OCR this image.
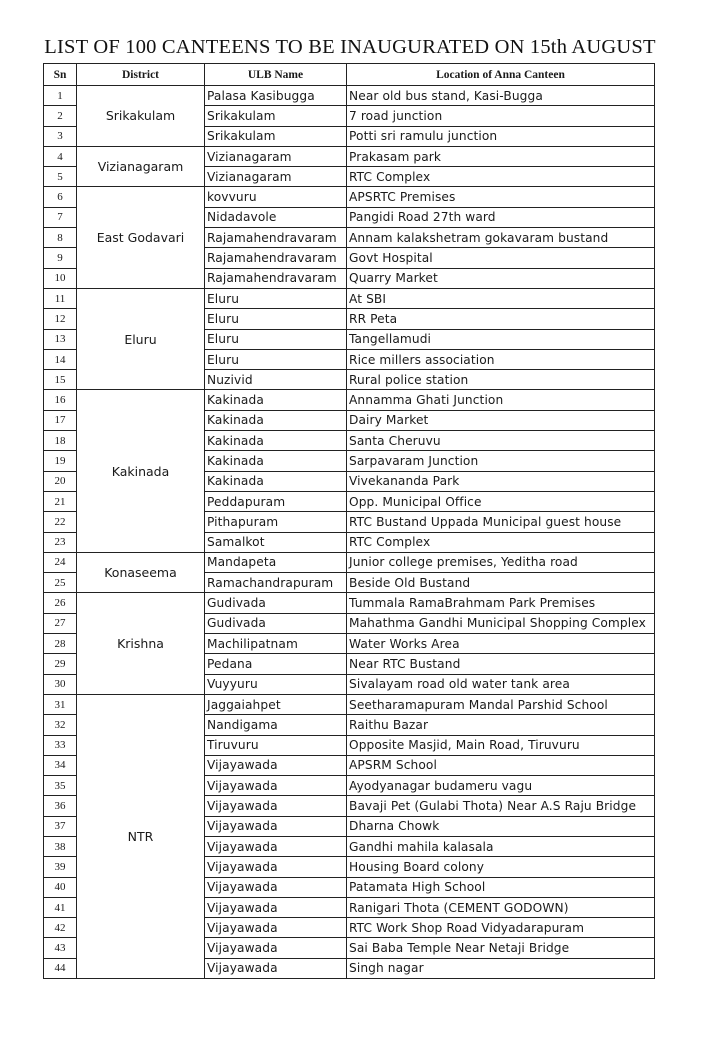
LIST OF 100 CANTEENS TO BE INAUGURATED ON 15th AUGUST
Sn	District	ULB Name	Location of Anna Canteen
1	Srikakulam	Palasa Kasibugga	Near old bus stand, Kasi-Bugga
2		Srikakulam	7 road junction
3		Srikakulam	Potti sri ramulu junction
4	Vizianagaram	Vizianagaram	Prakasam park
5		Vizianagaram	RTC Complex
6	East Godavari	kovvuru	APSRTC Premises
7		Nidadavole	Pangidi Road 27th ward
8		Rajamahendravaram	Annam kalakshetram gokavaram bustand
9		Rajamahendravaram	Govt Hospital
10		Rajamahendravaram	Quarry Market
11	Eluru	Eluru	At SBI
12		Eluru	RR Peta
13		Eluru	Tangellamudi
14		Eluru	Rice millers association
15		Nuzivid	Rural police station
16	Kakinada	Kakinada	Annamma Ghati Junction
17		Kakinada	Dairy Market
18		Kakinada	Santa Cheruvu
19		Kakinada	Sarpavaram Junction
20		Kakinada	Vivekananda Park
21		Peddapuram	Opp. Municipal Office
22		Pithapuram	RTC Bustand Uppada Municipal guest house
23		Samalkot	RTC Complex
24	Konaseema	Mandapeta	Junior college premises, Yeditha road
25		Ramachandrapuram	Beside Old Bustand
26	Krishna	Gudivada	Tummala RamaBrahmam Park Premises
27		Gudivada	Mahathma Gandhi Municipal Shopping Complex
28		Machilipatnam	Water Works Area
29		Pedana	Near RTC Bustand
30		Vuyyuru	Sivalayam road old water tank area
31	NTR	Jaggaiahpet	Seetharamapuram Mandal Parshid School
32		Nandigama	Raithu Bazar
33		Tiruvuru	Opposite Masjid, Main Road, Tiruvuru
34		Vijayawada	APSRM School
35		Vijayawada	Ayodyanagar budameru vagu
36		Vijayawada	Bavaji Pet (Gulabi Thota) Near A.S Raju Bridge
37		Vijayawada	Dharna Chowk
38		Vijayawada	Gandhi mahila kalasala
39		Vijayawada	Housing Board colony
40		Vijayawada	Patamata High School
41		Vijayawada	Ranigari Thota (CEMENT GODOWN)
42		Vijayawada	RTC Work Shop Road Vidyadarapuram
43		Vijayawada	Sai Baba Temple Near Netaji Bridge
44		Vijayawada	Singh nagar
